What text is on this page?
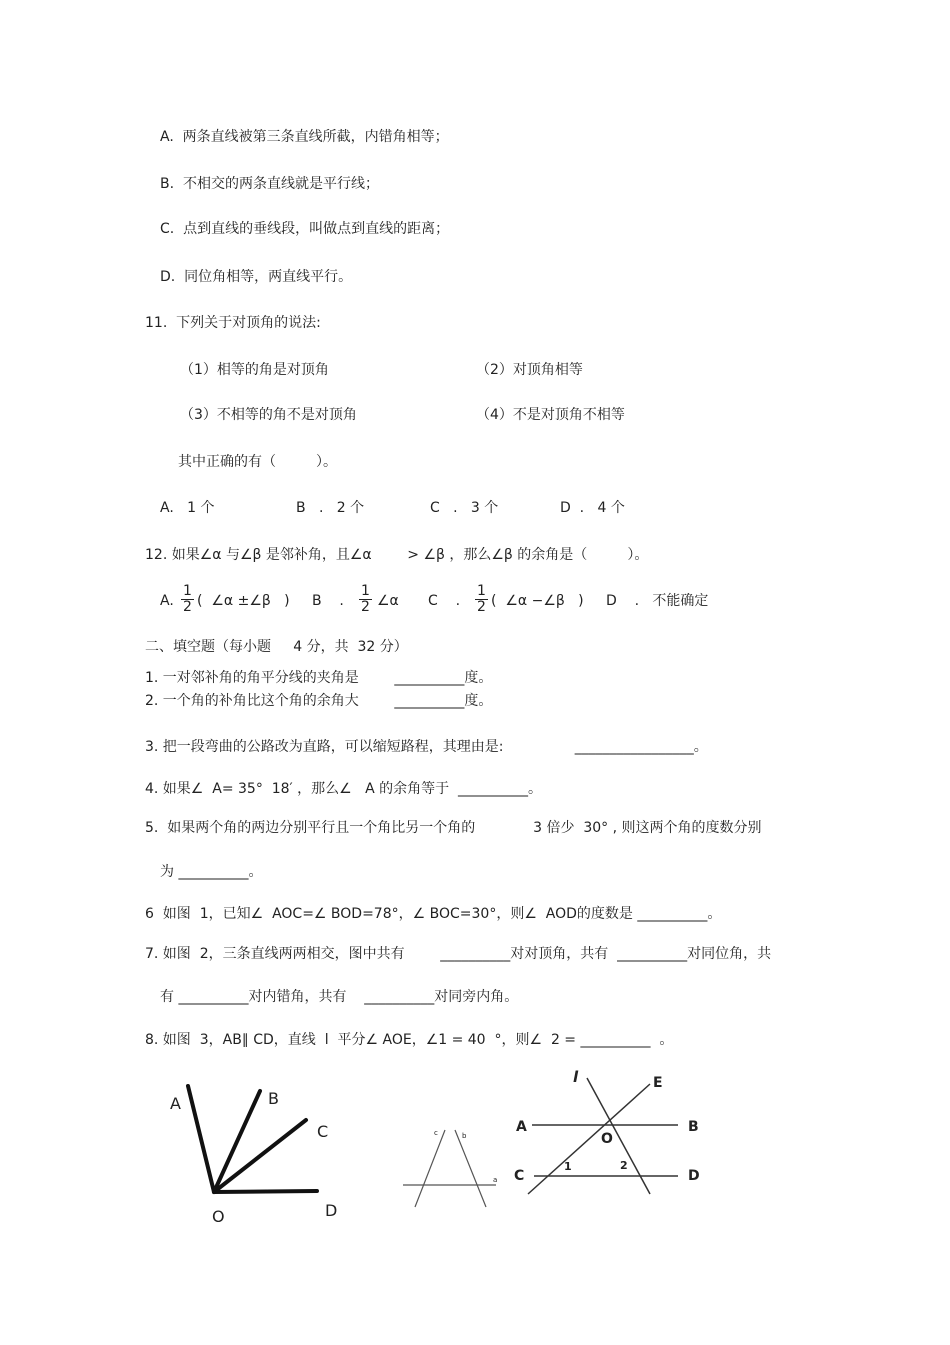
A.  两条直线被第三条直线所截，内错角相等；
B.  不相交的两条直线就是平行线；
C.  点到直线的垂线段，叫做点到直线的距离；
D.  同位角相等，两直线平行。
11.  下列关于对顶角的说法:
（1）相等的角是对顶角	（2）对顶角相等
（3）不相等的角不是对顶角	（4）不是对顶角不相等
其中正确的有（         ）。
A.   1 个	B   .   2 个	C   .   3 个	D  .   4 个
12. 如果∠α 与∠β 是邻补角，且∠α        > ∠β ，那么∠β 的余角是（         ）。
A. $\frac{1}{2}$ (  ∠α ±∠β   ) B    . $\frac{1}{2}$ ∠α C    . $\frac{1}{2}$ (  ∠α −∠β   ) D    .   不能确定
二、填空题（每小题     4 分，共  32 分）
1. 一对邻补角的角平分线的夹角是        __________度。
2. 一个角的补角比这个角的余角大        __________度。
3. 把一段弯曲的公路改为直路，可以缩短路程，其理由是:                _________________。
4. 如果∠  A= 35°  18′ ，那么∠   A 的余角等于  __________。
5.  如果两个角的两边分别平行且一个角比另一个角的             3 倍少  30° , 则这两个角的度数分别
为 __________。
6  如图  1，已知∠  AOC=∠ BOD=78°，∠ BOC=30°，则∠  AOD的度数是 __________。
7. 如图  2，三条直线两两相交，图中共有        __________对对顶角，共有  __________对同位角，共
有 __________对内错角，共有    __________对同旁内角。
8. 如图  3，AB∥ CD，直线  l  平分∠ AOE，∠1 = 40  °，则∠  2 = __________  。
A	B
C
D
O
c	b
a
l	E
A	B
O
C	D
1	2
